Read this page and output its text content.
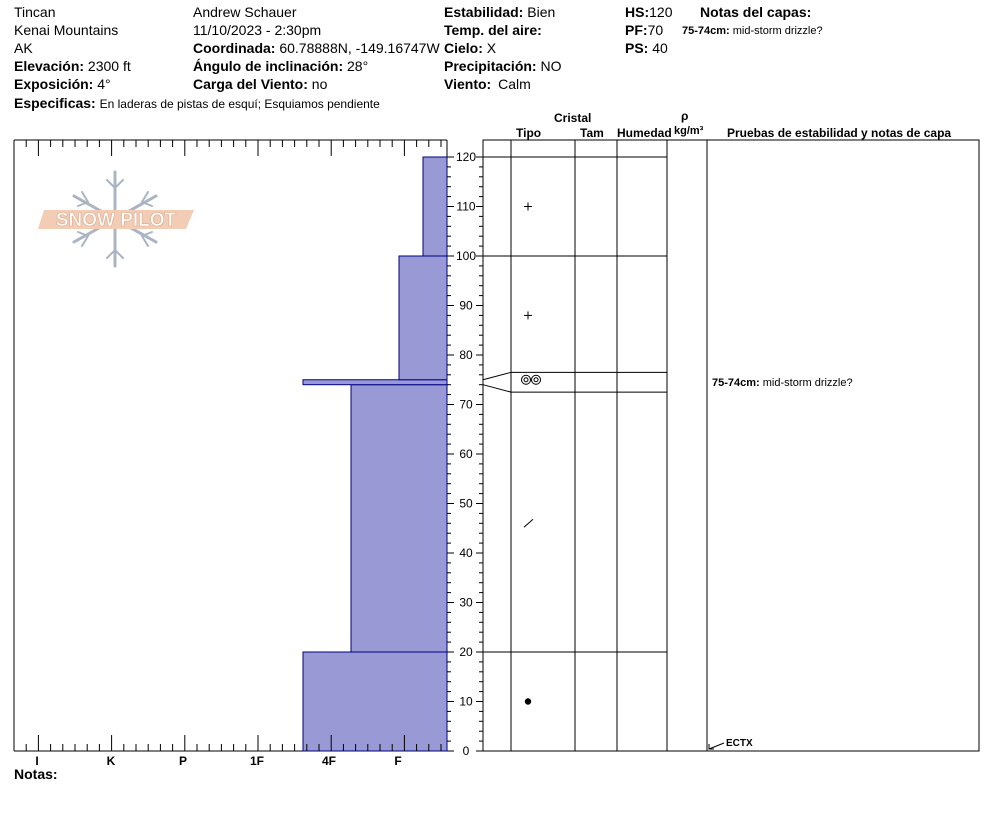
Tincan
Kenai Mountains
AK
Elevación: 2300 ft
Exposición: 4°
Especificas: En laderas de pistas de esquí; Esquiamos pendiente
Andrew Schauer
11/10/2023 - 2:30pm
Coordinada: 60.78888N, -149.16747W
Ángulo de inclinación: 28°
Carga del Viento: no
Estabilidad: Bien
Temp. del aire:
Cielo: X
Precipitación: NO
Viento: Calm
HS:120
PF:70
PS: 40
Notas del capas:
75-74cm: mid-storm drizzle?
Cristal
Tipo	Tam Humedad
ρ
kg/m³ Pruebas de estabilidad y notas de capa
SNOW PILOT
0
10
20
30
40
50
60
70
80
90
100
110
120
I	K	P	1F	4F	F
75-74cm: mid-storm drizzle?
ECTX
Notas:
